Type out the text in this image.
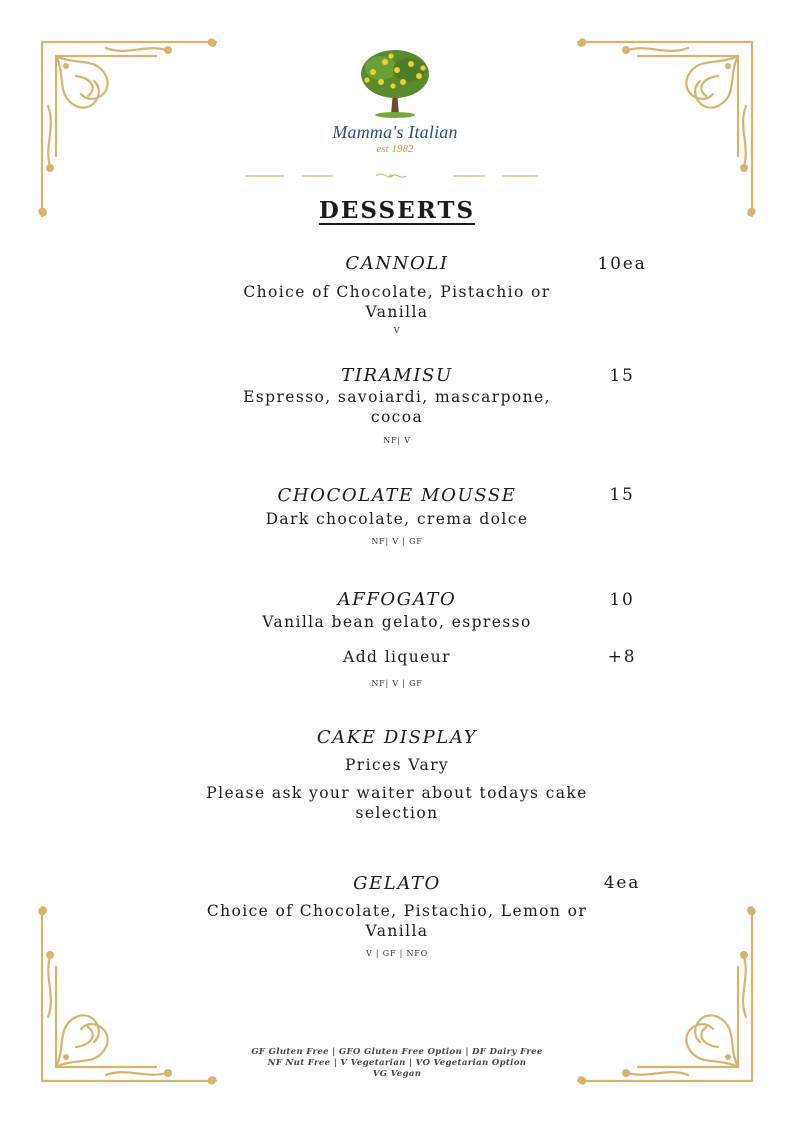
Mamma's Italian
est 1982
DESSERTS
CANNOLI	10ea
Choice of Chocolate, Pistachio or Vanilla
V
TIRAMISU	15
Espresso, savoiardi, mascarpone, cocoa
NF| V
CHOCOLATE MOUSSE	15
Dark chocolate, crema dolce
NF| V | GF
AFFOGATO	10
Vanilla bean gelato, espresso
Add liqueur	+8
NF| V | GF
CAKE DISPLAY
Prices Vary
Please ask your waiter about todays cake selection
GELATO	4ea
Choice of Chocolate, Pistachio, Lemon or Vanilla
V | GF | NFO
GF Gluten Free | GFO Gluten Free Option | DF Dairy Free
NF Nut Free | V Vegetarian | VO Vegetarian Option
VG Vegan
